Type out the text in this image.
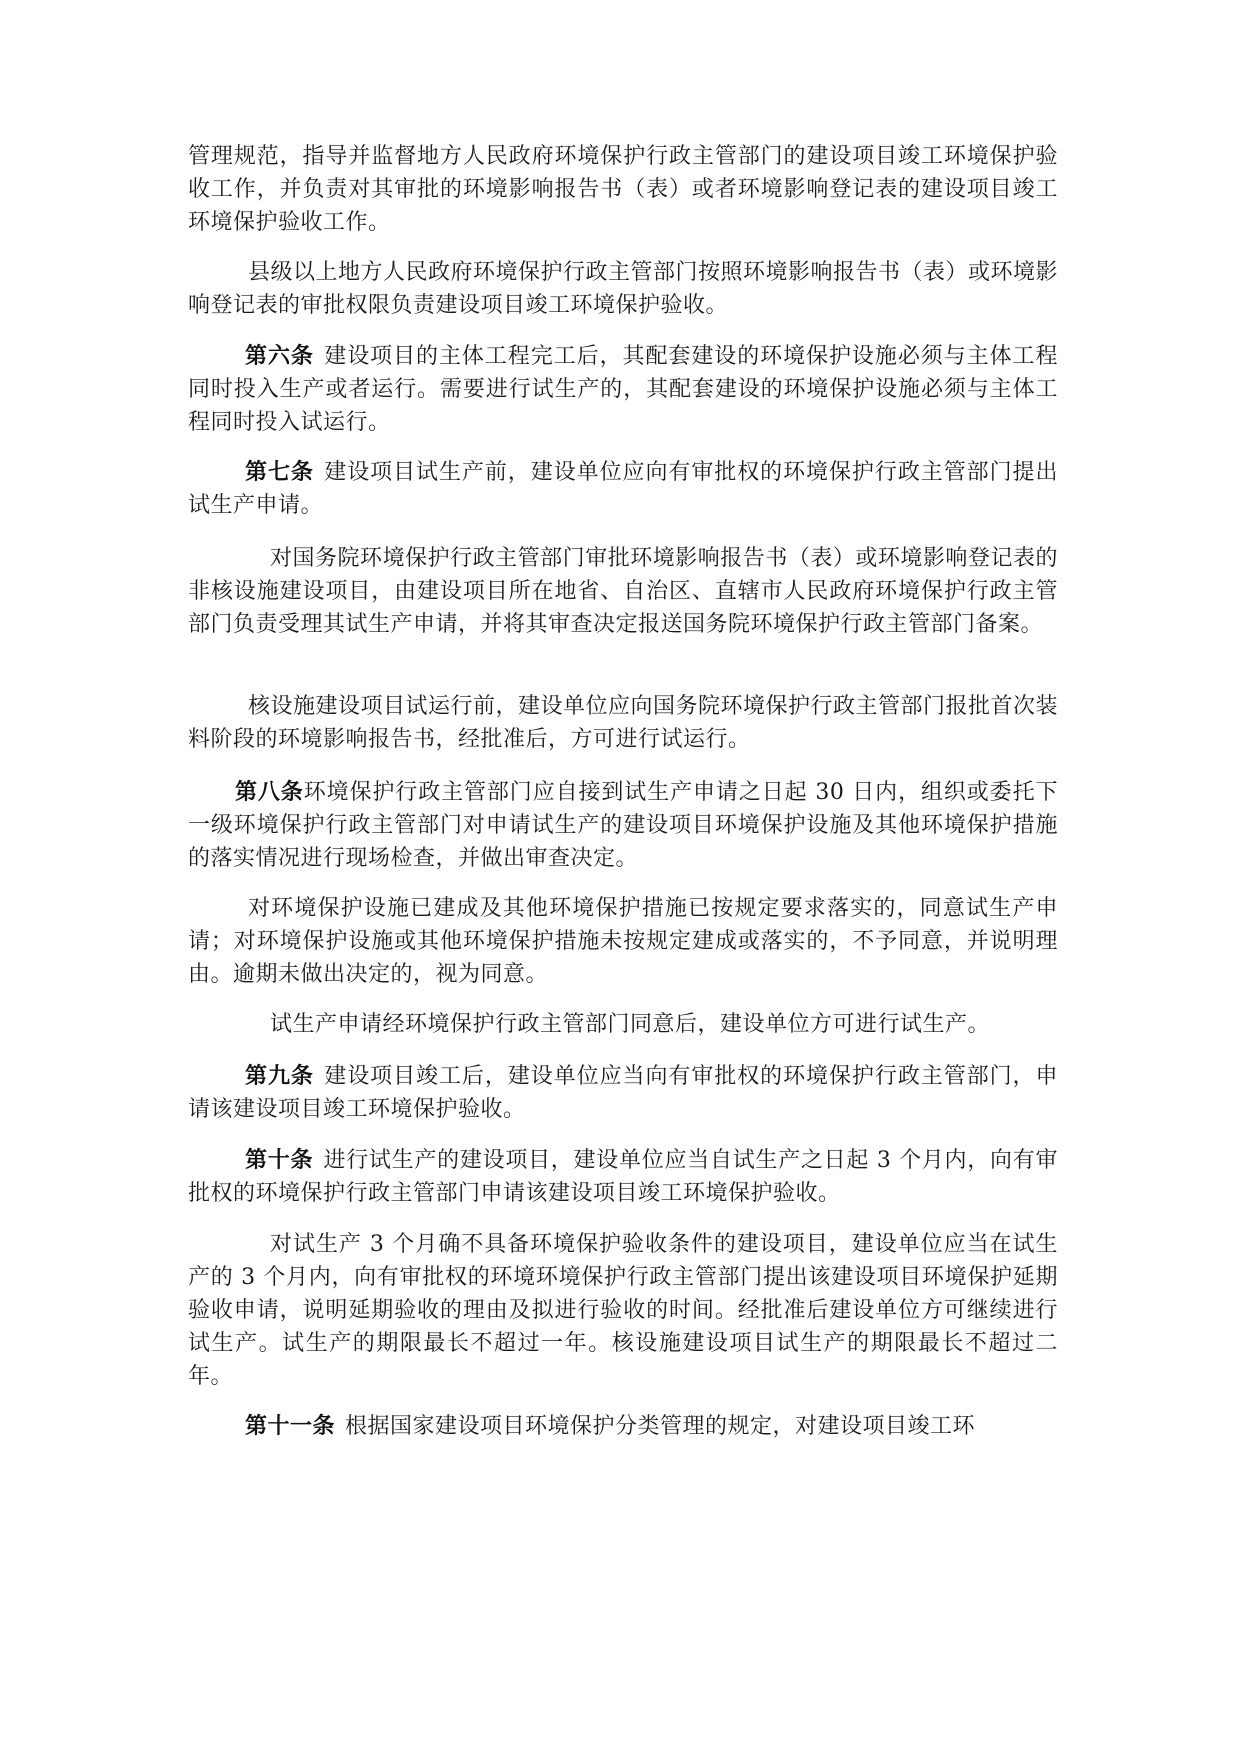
管理规范，指导并监督地方人民政府环境保护行政主管部门的建设项目竣工环境保护验收工作，并负责对其审批的环境影响报告书（表）或者环境影响登记表的建设项目竣工环境保护验收工作。

县级以上地方人民政府环境保护行政主管部门按照环境影响报告书（表）或环境影响登记表的审批权限负责建设项目竣工环境保护验收。

第六条 建设项目的主体工程完工后，其配套建设的环境保护设施必须与主体工程同时投入生产或者运行。需要进行试生产的，其配套建设的环境保护设施必须与主体工程同时投入试运行。

第七条 建设项目试生产前，建设单位应向有审批权的环境保护行政主管部门提出试生产申请。

对国务院环境保护行政主管部门审批环境影响报告书（表）或环境影响登记表的非核设施建设项目，由建设项目所在地省、自治区、直辖市人民政府环境保护行政主管部门负责受理其试生产申请，并将其审查决定报送国务院环境保护行政主管部门备案。

核设施建设项目试运行前，建设单位应向国务院环境保护行政主管部门报批首次装料阶段的环境影响报告书，经批准后，方可进行试运行。

第八条环境保护行政主管部门应自接到试生产申请之日起 30 日内，组织或委托下一级环境保护行政主管部门对申请试生产的建设项目环境保护设施及其他环境保护措施的落实情况进行现场检查，并做出审查决定。

对环境保护设施已建成及其他环境保护措施已按规定要求落实的，同意试生产申请；对环境保护设施或其他环境保护措施未按规定建成或落实的，不予同意，并说明理由。逾期未做出决定的，视为同意。

试生产申请经环境保护行政主管部门同意后，建设单位方可进行试生产。

第九条 建设项目竣工后，建设单位应当向有审批权的环境保护行政主管部门，申请该建设项目竣工环境保护验收。

第十条 进行试生产的建设项目，建设单位应当自试生产之日起 3 个月内，向有审批权的环境保护行政主管部门申请该建设项目竣工环境保护验收。

对试生产 3 个月确不具备环境保护验收条件的建设项目，建设单位应当在试生产的 3 个月内，向有审批权的环境环境保护行政主管部门提出该建设项目环境保护延期验收申请，说明延期验收的理由及拟进行验收的时间。经批准后建设单位方可继续进行试生产。试生产的期限最长不超过一年。核设施建设项目试生产的期限最长不超过二年。

第十一条 根据国家建设项目环境保护分类管理的规定，对建设项目竣工环
